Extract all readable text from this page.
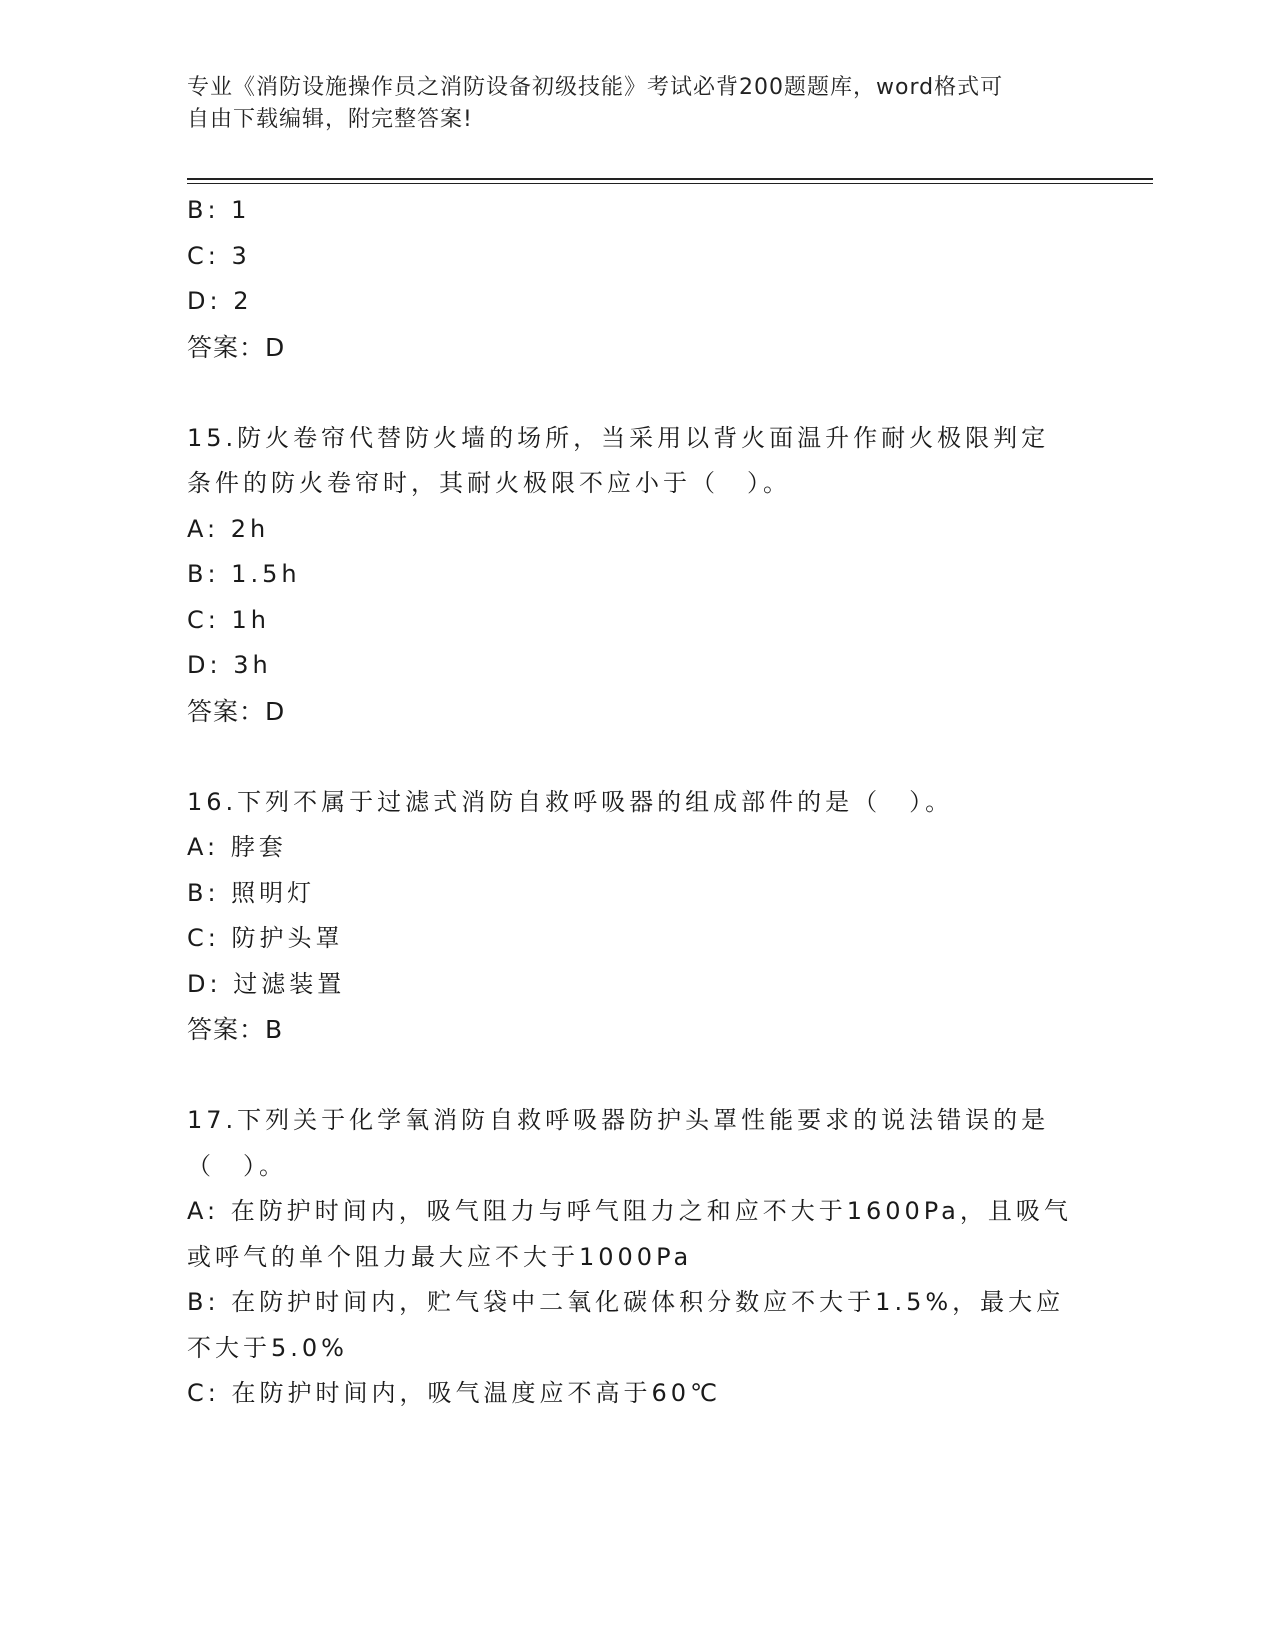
专业《消防设施操作员之消防设备初级技能》考试必背200题题库，word格式可
自由下载编辑，附完整答案!
B: 1
C: 3
D: 2
答案：D
15.防火卷帘代替防火墙的场所，当采用以背火面温升作耐火极限判定
条件的防火卷帘时，其耐火极限不应小于（　）。
A: 2h
B: 1.5h
C: 1h
D: 3h
答案：D
16.下列不属于过滤式消防自救呼吸器的组成部件的是（　）。
A: 脖套
B: 照明灯
C: 防护头罩
D: 过滤装置
答案：B
17.下列关于化学氧消防自救呼吸器防护头罩性能要求的说法错误的是
（　）。
A: 在防护时间内，吸气阻力与呼气阻力之和应不大于1600Pa，且吸气
或呼气的单个阻力最大应不大于1000Pa
B: 在防护时间内，贮气袋中二氧化碳体积分数应不大于1.5%，最大应
不大于5.0%
C: 在防护时间内，吸气温度应不高于60℃
